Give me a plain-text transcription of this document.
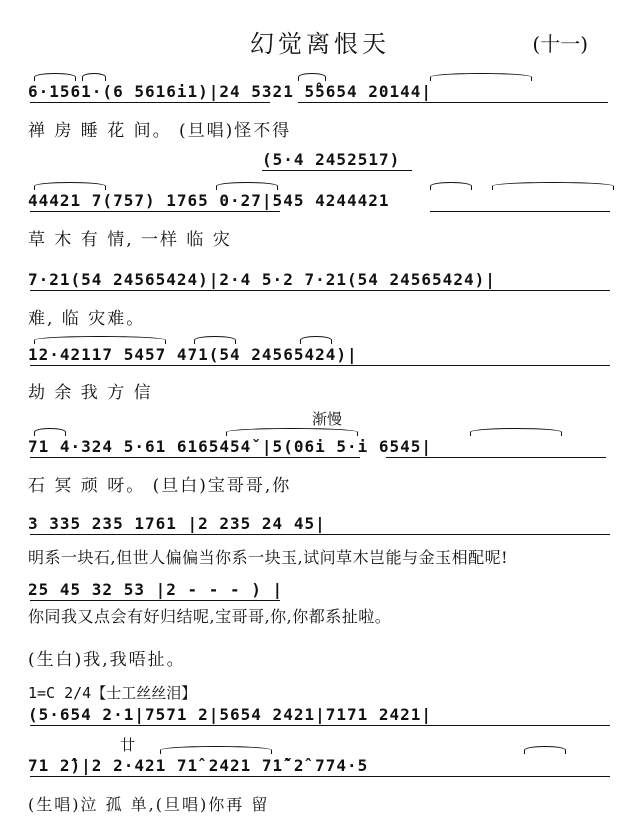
幻觉离恨天	(十一)
6·1561·(6 5616i1)|24 5321 5̊5654 20144|
禅 房 睡 花 间。 (旦唱)怪不得
(5·4 2452517)
44421 7(757) 1765 0·27|545 4244421
草 木 有 情, 一样 临 灾
7·21(54 24565424)|2·4 5·2 7·21(54 24565424)|
难, 临 灾难。
12·42117 5457 471(54 24565424)|
劫 余 我 方 信
渐慢
71 4·324 5·61 6165454ˇ|5(06i 5·i 6545|
石 冥 顽 呀。 (旦白)宝哥哥,你
3 335 235 1761 |2 235 24 45|
明系一块石,但世人偏偏当你系一块玉,试问草木岂能与金玉相配呢!
25 45 32 53 |2 - - - ) |
你同我又点会有好归结呢,宝哥哥,你,你都系扯啦。
(生白)我,我唔扯。
1=C 2/4【士工丝丝泪】
(5·654 2·1|7571 2|5654 2421|7171 2421|
廿
71 2̂)|2 2·421 71̂ 2421 71̂ˇ2̂ 774·5
(生唱)泣 孤 单,(旦唱)你再 留
